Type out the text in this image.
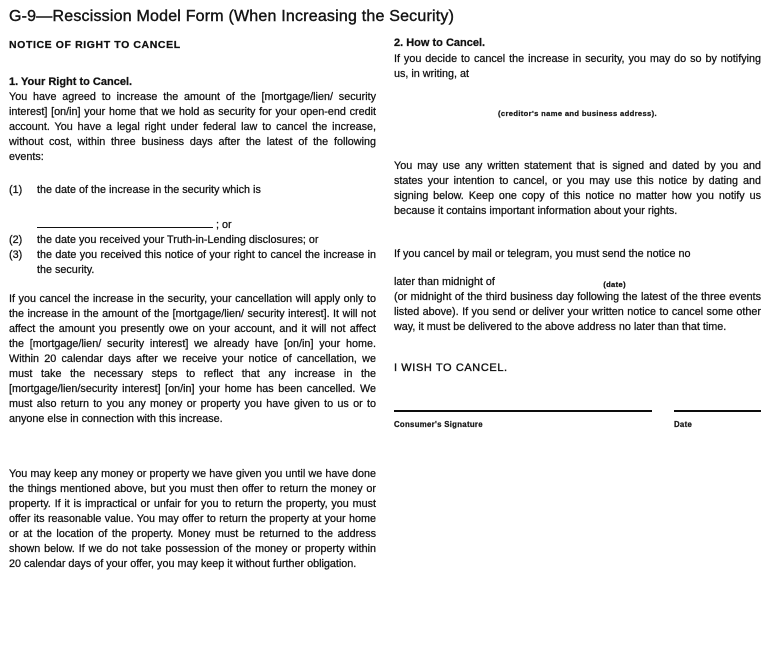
G-9—Rescission Model Form (When Increasing the Security)

NOTICE OF RIGHT TO CANCEL

1. Your Right to Cancel.

You have agreed to increase the amount of the [mortgage/lien/ security interest] [on/in] your home that we hold as security for your open-end credit account. You have a legal right under federal law to cancel the increase, without cost, within three business days after the latest of the following events:

(1) the date of the increase in the security which is
; or
(2) the date you received your Truth-in-Lending disclosures; or
(3) the date you received this notice of your right to cancel the increase in the security.

If you cancel the increase in the security, your cancellation will apply only to the increase in the amount of the [mortgage/lien/ security interest]. It will not affect the amount you presently owe on your account, and it will not affect the [mortgage/lien/ security interest] we already have [on/in] your home. Within 20 calendar days after we receive your notice of cancellation, we must take the necessary steps to reflect that any increase in the [mortgage/lien/security interest] [on/in] your home has been cancelled. We must also return to you any money or property you have given to us or to anyone else in connection with this increase.

You may keep any money or property we have given you until we have done the things mentioned above, but you must then offer to return the money or property. If it is impractical or unfair for you to return the property, you must offer its reasonable value. You may offer to return the property at your home or at the location of the property. Money must be returned to the address shown below. If we do not take possession of the money or property within 20 calendar days of your offer, you may keep it without further obligation.

2. How to Cancel.

If you decide to cancel the increase in security, you may do so by notifying us, in writing, at

(creditor's name and business address).

You may use any written statement that is signed and dated by you and states your intention to cancel, or you may use this notice by dating and signing below. Keep one copy of this notice no matter how you notify us because it contains important information about your rights.

If you cancel by mail or telegram, you must send the notice no

later than midnight of	(date)

(or midnight of the third business day following the latest of the three events listed above). If you send or deliver your written notice to cancel some other way, it must be delivered to the above address no later than that time.

I WISH TO CANCEL.

Consumer's Signature	Date
